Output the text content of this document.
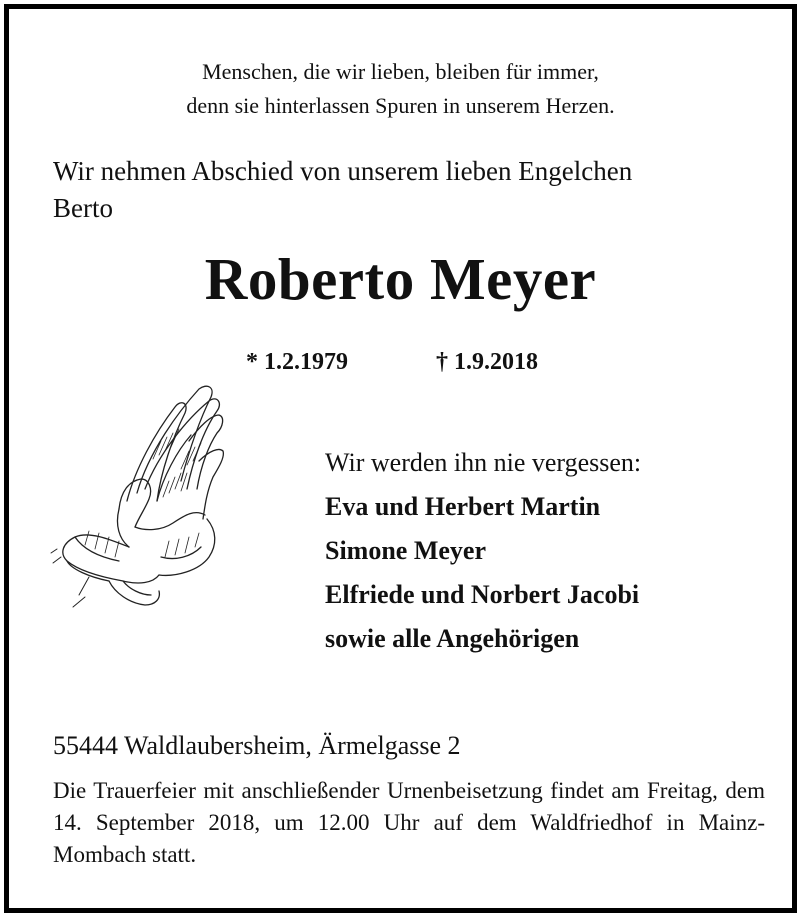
Menschen, die wir lieben, bleiben für immer,
denn sie hinterlassen Spuren in unserem Herzen.
Wir nehmen Abschied von unserem lieben Engelchen
Berto
Roberto Meyer
* 1.2.1979	† 1.9.2018
Wir werden ihn nie vergessen:
Eva und Herbert Martin
Simone Meyer
Elfriede und Norbert Jacobi
sowie alle Angehörigen
55444 Waldlaubersheim, Ärmelgasse 2
Die Trauerfeier mit anschließender Urnenbeisetzung findet am Freitag, dem 14. September 2018, um 12.00 Uhr auf dem Waldfriedhof in Mainz-Mombach statt.
